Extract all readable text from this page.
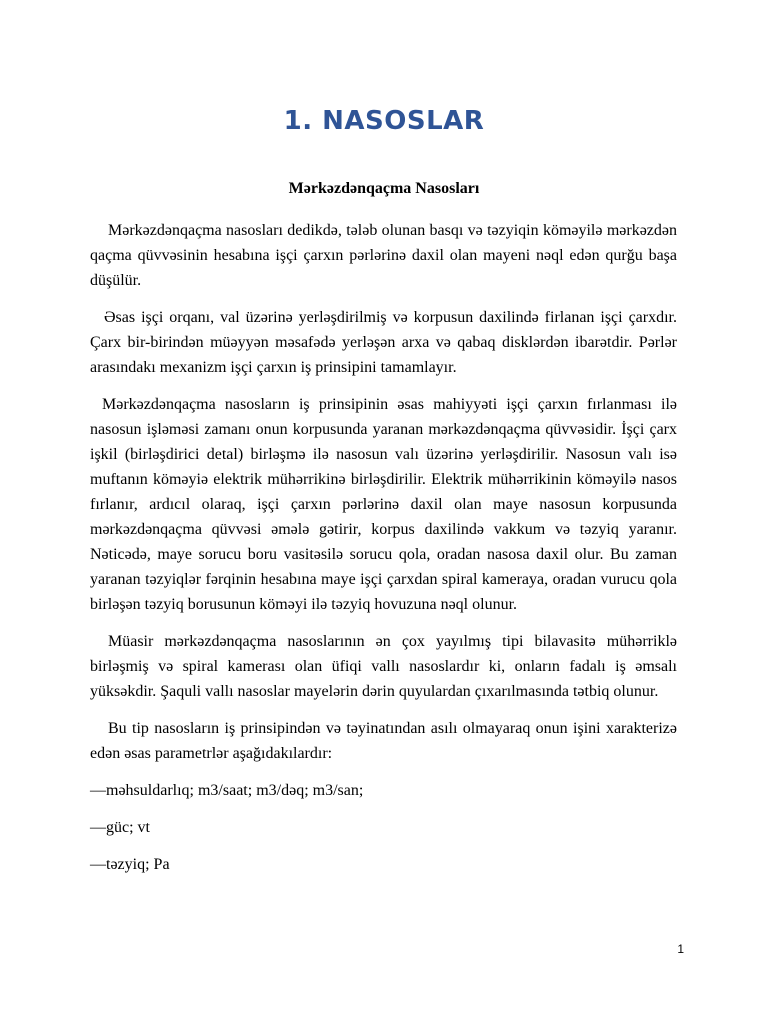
1. NASOSLAR
Mərkəzdənqaçma Nasosları

Mərkəzdənqaçma nasosları dedikdə, tələb olunan basqı və təzyiqin köməyilə mərkəzdən qaçma qüvvəsinin hesabına işçi çarxın pərlərinə daxil olan mayeni nəql edən qurğu başa düşülür.

Əsas işçi orqanı, val üzərinə yerləşdirilmiş və korpusun daxilində firlanan işçi çarxdır. Çarx bir-birindən müəyyən məsafədə yerləşən arxa və qabaq disklərdən ibarətdir. Pərlər arasındakı mexanizm işçi çarxın iş prinsipini tamamlayır.

Mərkəzdənqaçma nasosların iş prinsipinin əsas mahiyyəti işçi çarxın fırlanması ilə nasosun işləməsi zamanı onun korpusunda yaranan mərkəzdənqaçma qüvvəsidir. İşçi çarx işkil (birləşdirici detal) birləşmə ilə nasosun valı üzərinə yerləşdirilir. Nasosun valı isə muftanın köməyiə elektrik mühərrikinə birləşdirilir. Elektrik mühərrikinin köməyilə nasos fırlanır, ardıcıl olaraq, işçi çarxın pərlərinə daxil olan maye nasosun korpusunda mərkəzdənqaçma qüvvəsi əmələ gətirir, korpus daxilində vakkum və təzyiq yaranır. Nəticədə, maye sorucu boru vasitəsilə sorucu qola, oradan nasosa daxil olur. Bu zaman yaranan təzyiqlər fərqinin hesabına maye işçi çarxdan spiral kameraya, oradan vurucu qola birləşən təzyiq borusunun köməyi ilə təzyiq hovuzuna nəql olunur.

Müasir mərkəzdənqaçma nasoslarının ən çox yayılmış tipi bilavasitə mühərriklə birləşmiş və spiral kamerası olan üfiqi vallı nasoslardır ki, onların fadalı iş əmsalı yüksəkdir. Şaquli vallı nasoslar mayelərin dərin quyulardan çıxarılmasında tətbiq olunur.

Bu tip nasosların iş prinsipindən və təyinatından asılı olmayaraq onun işini xarakterizə edən əsas parametrlər aşağıdakılardır:

—məhsuldarlıq; m3/saat; m3/dəq; m3/san;

—güc; vt

—təzyiq; Pa

1
